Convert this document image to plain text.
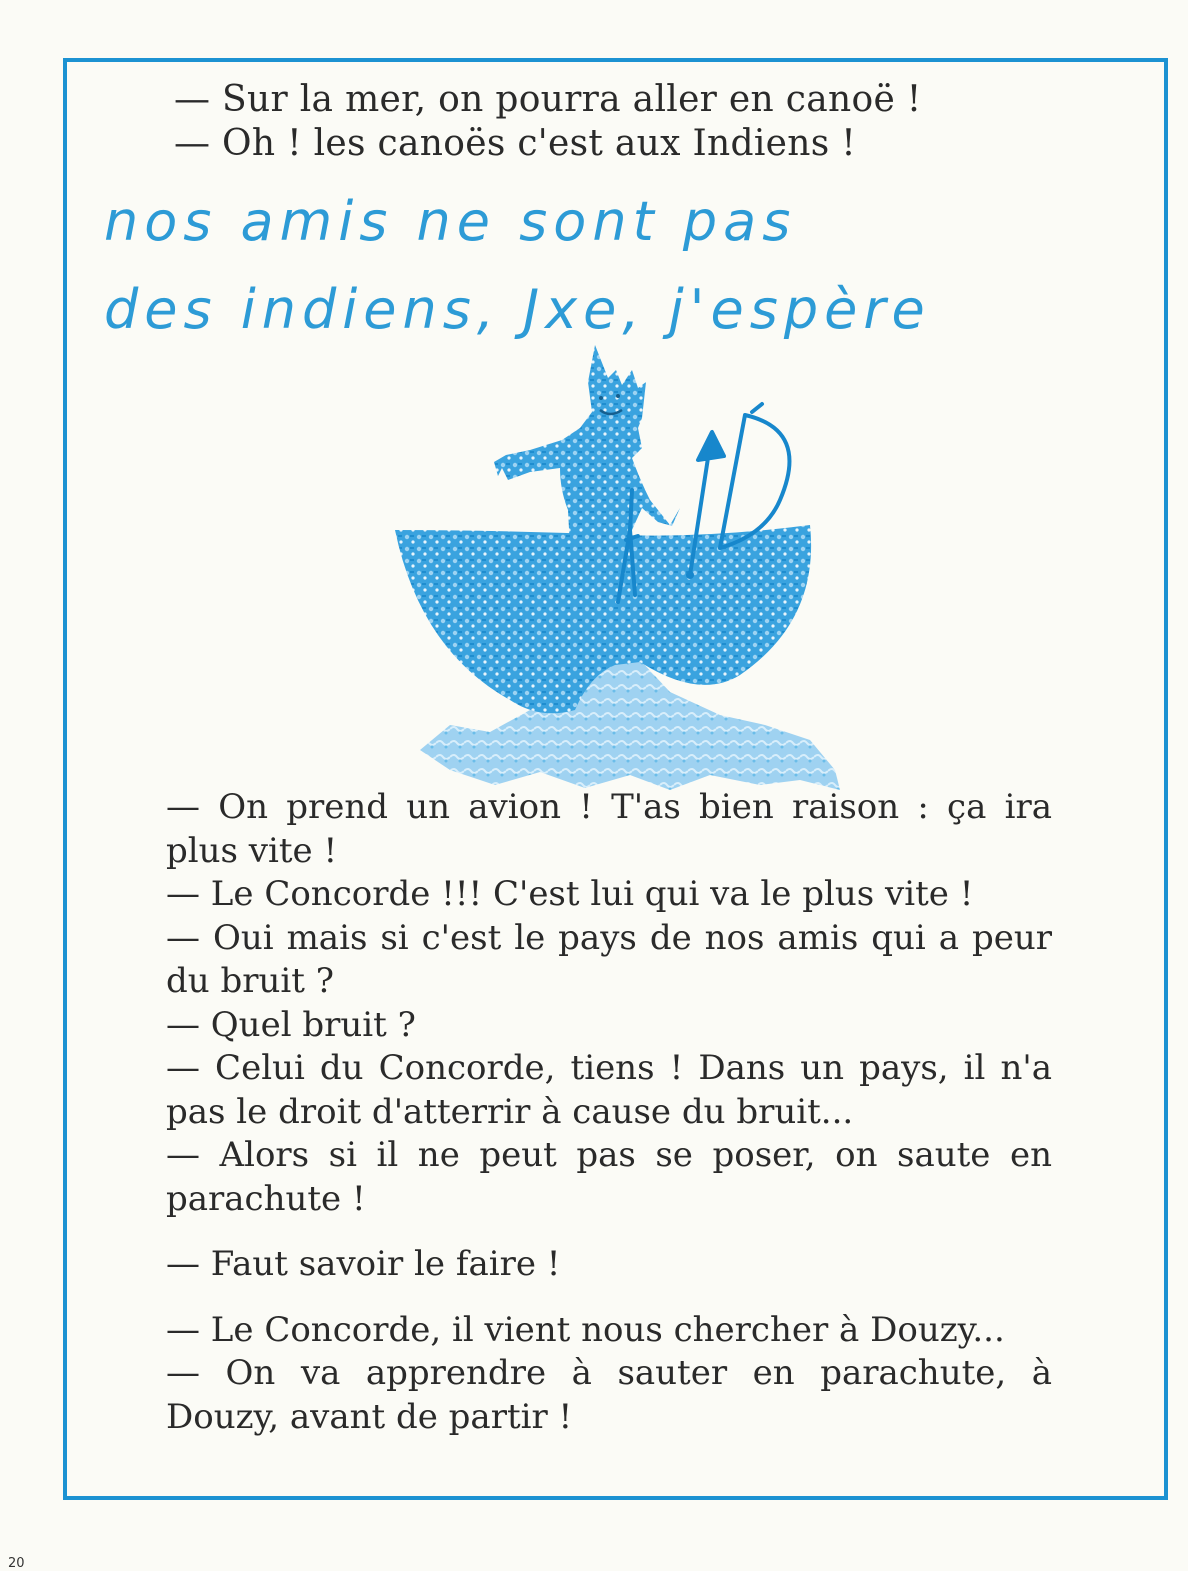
— Sur la mer, on pourra aller en canoë !
— Oh ! les canoës c'est aux Indiens !
nos amis ne sont pas
des indiens, Jxe, j'espère

— On prend un avion ! T'as bien raison : ça ira plus vite !

— Le Concorde !!! C'est lui qui va le plus vite !

— Oui mais si c'est le pays de nos amis qui a peur du bruit ?

— Quel bruit ?

— Celui du Concorde, tiens ! Dans un pays, il n'a pas le droit d'atterrir à cause du bruit...

— Alors si il ne peut pas se poser, on saute en parachute !

— Faut savoir le faire !

— Le Concorde, il vient nous chercher à Douzy...

— On va apprendre à sauter en parachute, à Douzy, avant de partir !

20
